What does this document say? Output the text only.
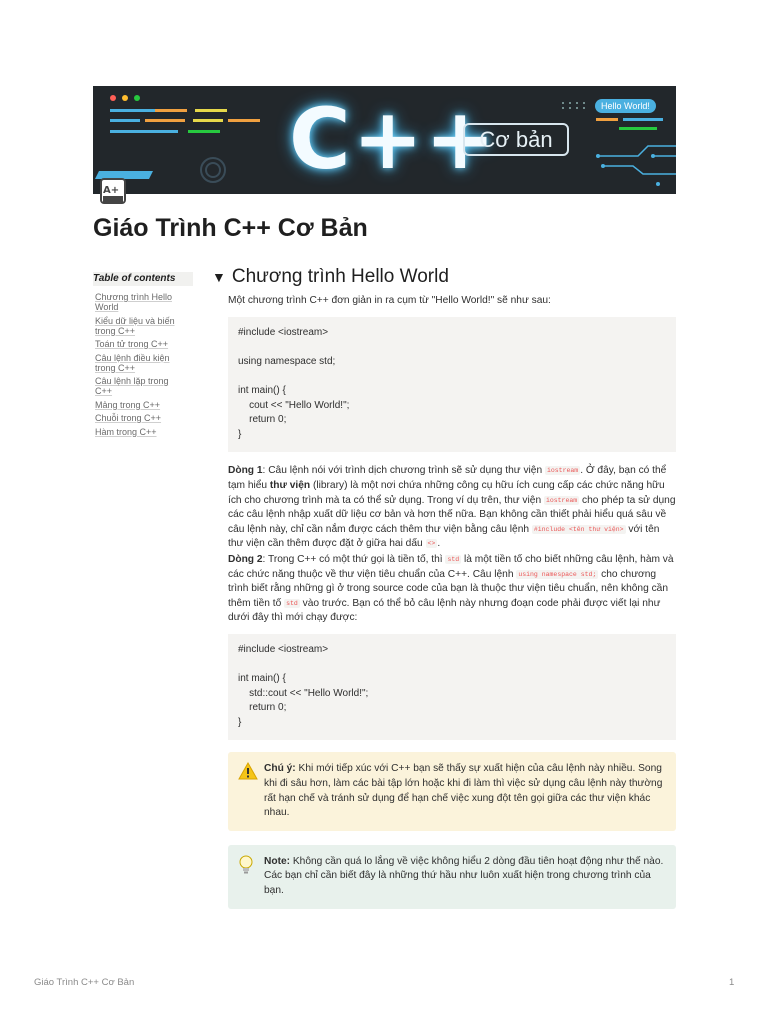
C++
Cơ bản
Hello World!
A+
Giáo Trình C++ Cơ Bản
Table of contents
Chương trình Hello World
Kiểu dữ liệu và biến trong C++
Toán tử trong C++
Câu lệnh điều kiện trong C++
Câu lệnh lặp trong C++
Mảng trong C++
Chuỗi trong C++
Hàm trong C++
▼ Chương trình Hello World

Một chương trình C++ đơn giản in ra cụm từ "Hello World!" sẽ như sau:

#include <iostream>
using namespace std;
int main() {
cout << "Hello World!";
return 0;
}

Dòng 1: Câu lệnh nói với trình dịch chương trình sẽ sử dụng thư viện iostream . Ở đây, bạn có thể tạm hiểu thư viện (library) là một nơi chứa những công cụ hữu ích cung cấp các chức năng hữu ích cho chương trình mà ta có thể sử dụng. Trong ví dụ trên, thư viện iostream cho phép ta sử dụng các câu lệnh nhập xuất dữ liệu cơ bản và hơn thế nữa. Bạn không cần thiết phải hiểu quá sâu về câu lệnh này, chỉ cần nắm được cách thêm thư viện bằng câu lệnh #include <tên thư viện> với tên thư viện cần thêm được đặt ở giữa hai dấu <> .

Dòng 2: Trong C++ có một thứ gọi là tiền tố, thì std là một tiền tố cho biết những câu lệnh, hàm và các chức năng thuộc về thư viện tiêu chuẩn của C++. Câu lệnh using namespace std; cho chương trình biết rằng những gì ở trong source code của bạn là thuộc thư viện tiêu chuẩn, nên không cần thêm tiền tố std vào trước. Bạn có thể bỏ câu lệnh này nhưng đoạn code phải được viết lại như dưới đây thì mới chạy được:

#include <iostream>
int main() {
std::cout << "Hello World!";
return 0;
}
Chú ý: Khi mới tiếp xúc với C++ bạn sẽ thấy sự xuất hiện của câu lệnh này nhiều. Song khi đi sâu hơn, làm các bài tập lớn hoặc khi đi làm thì việc sử dụng câu lệnh này thường rất hạn chế và tránh sử dụng để hạn chế việc xung đột tên gọi giữa các thư viện khác nhau.
Note: Không cần quá lo lắng về việc không hiểu 2 dòng đầu tiên hoạt động như thế nào. Các bạn chỉ cần biết đây là những thứ hầu như luôn xuất hiện trong chương trình của bạn.
Giáo Trình C++ Cơ Bản	1
